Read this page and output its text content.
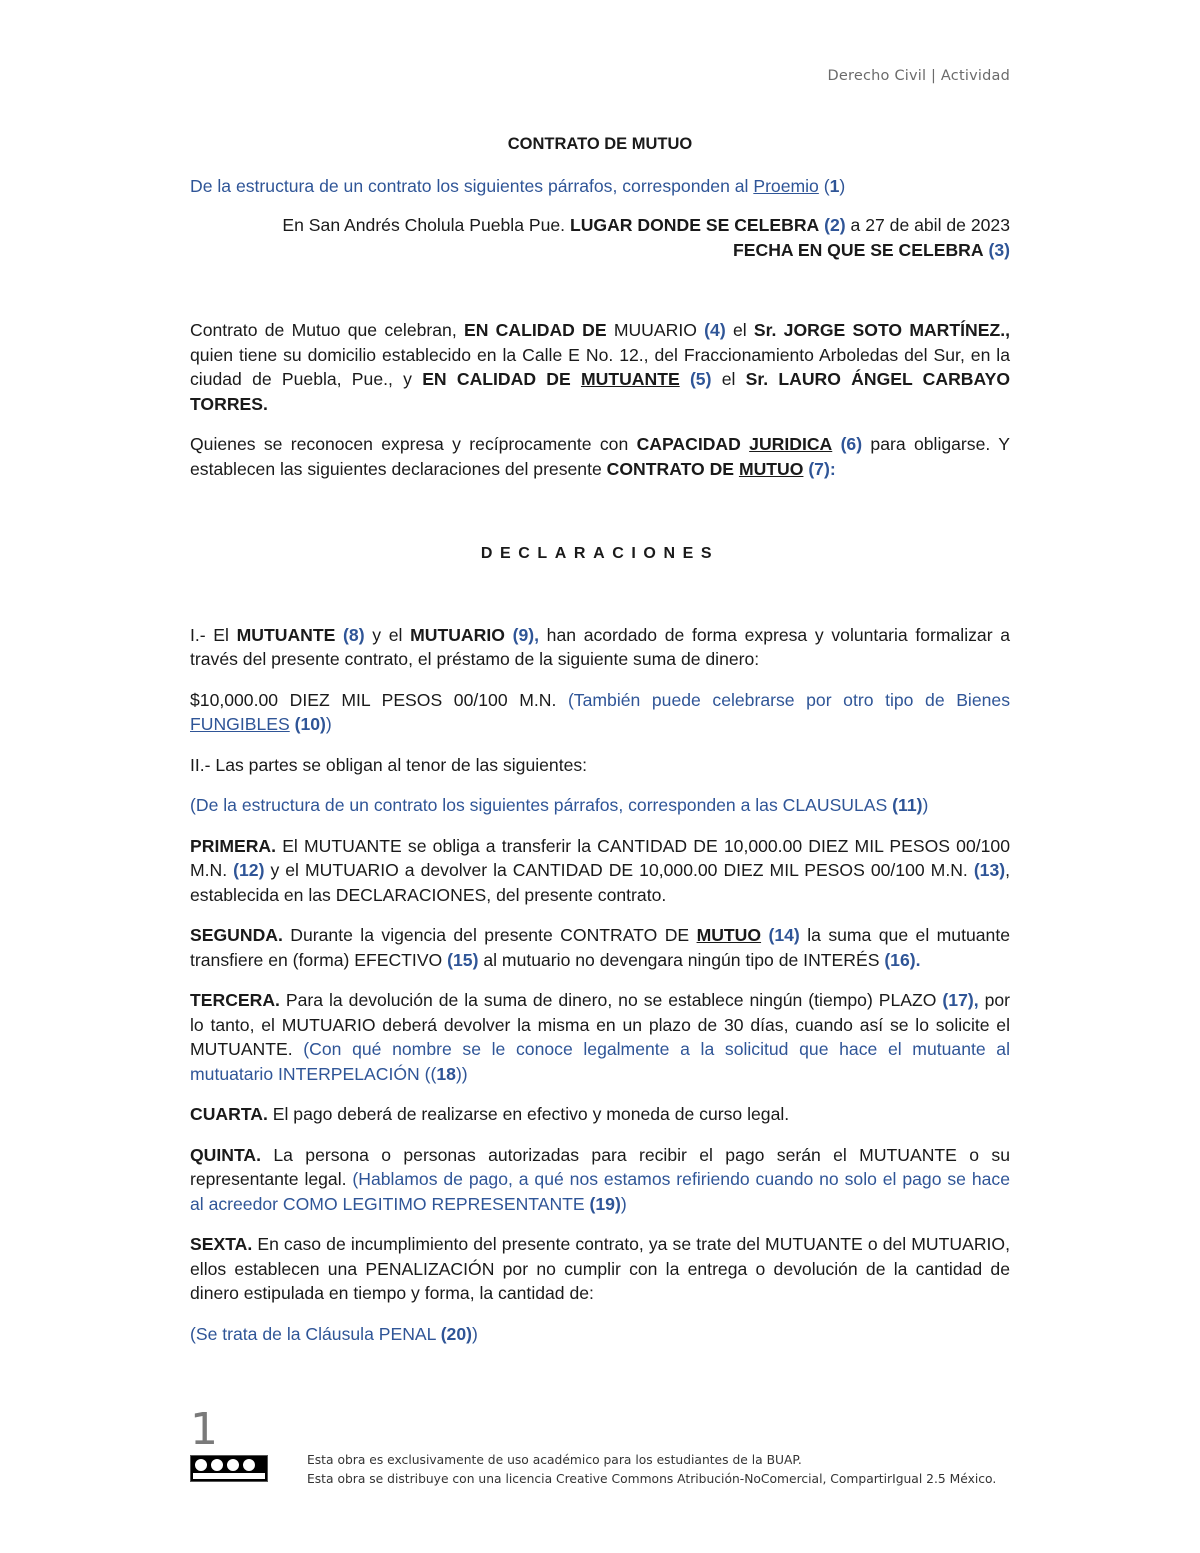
Derecho Civil | Actividad

CONTRATO DE MUTUO

De la estructura de un contrato los siguientes párrafos, corresponden al Proemio (1)

En San Andrés Cholula Puebla Pue. LUGAR DONDE SE CELEBRA (2) a 27 de abil de 2023

FECHA EN QUE SE CELEBRA (3)

Contrato de Mutuo que celebran, EN CALIDAD DE MUUARIO (4) el Sr. JORGE SOTO MARTÍNEZ., quien tiene su domicilio establecido en la Calle E No. 12., del Fraccionamiento Arboledas del Sur, en la ciudad de Puebla, Pue., y EN CALIDAD DE MUTUANTE (5) el Sr. LAURO ÁNGEL CARBAYO TORRES.

Quienes se reconocen expresa y recíprocamente con CAPACIDAD JURIDICA (6) para obligarse. Y establecen las siguientes declaraciones del presente CONTRATO DE MUTUO (7):

DECLARACIONES

I.- El MUTUANTE (8) y el MUTUARIO (9), han acordado de forma expresa y voluntaria formalizar a través del presente contrato, el préstamo de la siguiente suma de dinero:

$10,000.00 DIEZ MIL PESOS 00/100 M.N. (También puede celebrarse por otro tipo de Bienes FUNGIBLES (10))

II.- Las partes se obligan al tenor de las siguientes:

(De la estructura de un contrato los siguientes párrafos, corresponden a las CLAUSULAS (11))

PRIMERA. El MUTUANTE se obliga a transferir la CANTIDAD DE 10,000.00 DIEZ MIL PESOS 00/100 M.N. (12) y el MUTUARIO a devolver la CANTIDAD DE 10,000.00 DIEZ MIL PESOS 00/100 M.N. (13), establecida en las DECLARACIONES, del presente contrato.

SEGUNDA. Durante la vigencia del presente CONTRATO DE MUTUO (14) la suma que el mutuante transfiere en (forma) EFECTIVO (15) al mutuario no devengara ningún tipo de INTERÉS (16).

TERCERA. Para la devolución de la suma de dinero, no se establece ningún (tiempo) PLAZO (17), por lo tanto, el MUTUARIO deberá devolver la misma en un plazo de 30 días, cuando así se lo solicite el MUTUANTE. (Con qué nombre se le conoce legalmente a la solicitud que hace el mutuante al mutuatario INTERPELACIÓN ((18))

CUARTA. El pago deberá de realizarse en efectivo y moneda de curso legal.

QUINTA. La persona o personas autorizadas para recibir el pago serán el MUTUANTE o su representante legal. (Hablamos de pago, a qué nos estamos refiriendo cuando no solo el pago se hace al acreedor COMO LEGITIMO REPRESENTANTE (19))

SEXTA. En caso de incumplimiento del presente contrato, ya se trate del MUTUANTE o del MUTUARIO, ellos establecen una PENALIZACIÓN por no cumplir con la entrega o devolución de la cantidad de dinero estipulada en tiempo y forma, la cantidad de:

(Se trata de la Cláusula PENAL (20))

1

Esta obra es exclusivamente de uso académico para los estudiantes de la BUAP.

Esta obra se distribuye con una licencia Creative Commons Atribución-NoComercial, CompartirIgual 2.5 México.
